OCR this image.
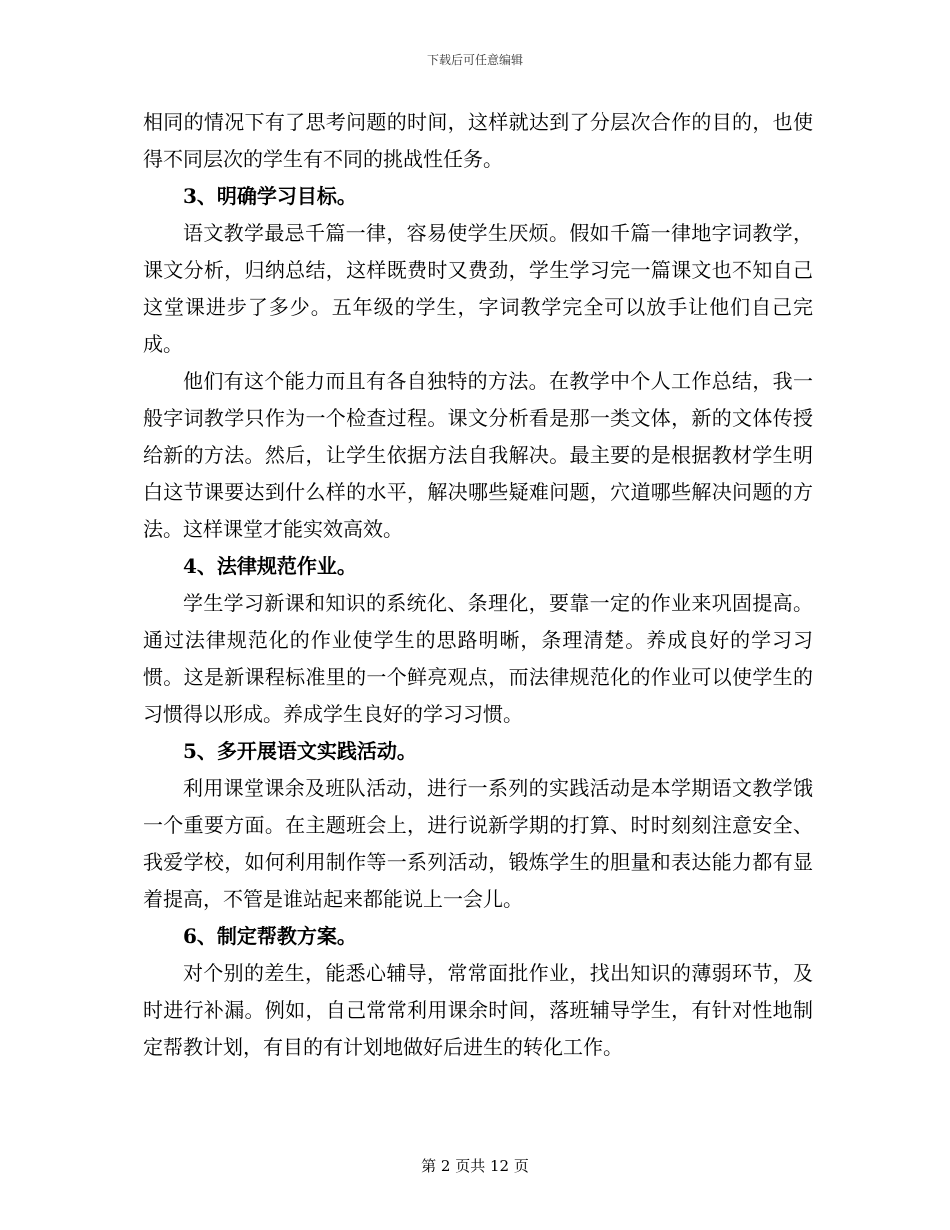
下载后可任意编辑

相同的情况下有了思考问题的时间，这样就达到了分层次合作的目的，也使得不同层次的学生有不同的挑战性任务。

3、明确学习目标。

语文教学最忌千篇一律，容易使学生厌烦。假如千篇一律地字词教学，课文分析，归纳总结，这样既费时又费劲，学生学习完一篇课文也不知自己这堂课进步了多少。五年级的学生，字词教学完全可以放手让他们自己完成。

他们有这个能力而且有各自独特的方法。在教学中个人工作总结，我一般字词教学只作为一个检查过程。课文分析看是那一类文体，新的文体传授给新的方法。然后，让学生依据方法自我解决。最主要的是根据教材学生明白这节课要达到什么样的水平，解决哪些疑难问题，穴道哪些解决问题的方法。这样课堂才能实效高效。

4、法律规范作业。

学生学习新课和知识的系统化、条理化，要靠一定的作业来巩固提高。通过法律规范化的作业使学生的思路明晰，条理清楚。养成良好的学习习惯。这是新课程标准里的一个鲜亮观点，而法律规范化的作业可以使学生的习惯得以形成。养成学生良好的学习习惯。

5、多开展语文实践活动。

利用课堂课余及班队活动，进行一系列的实践活动是本学期语文教学饿一个重要方面。在主题班会上，进行说新学期的打算、时时刻刻注意安全、我爱学校，如何利用制作等一系列活动，锻炼学生的胆量和表达能力都有显着提高，不管是谁站起来都能说上一会儿。

6、制定帮教方案。

对个别的差生，能悉心辅导，常常面批作业，找出知识的薄弱环节，及时进行补漏。例如，自己常常利用课余时间，落班辅导学生，有针对性地制定帮教计划，有目的有计划地做好后进生的转化工作。

第 2 页共 12 页
